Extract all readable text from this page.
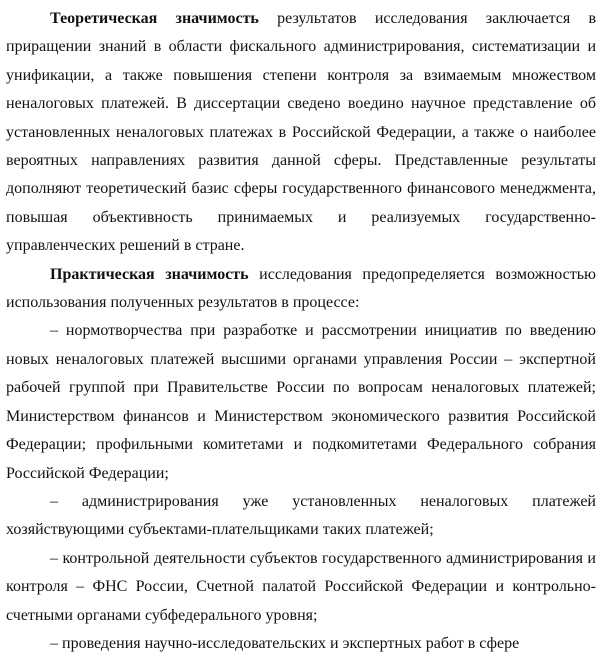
Теоретическая значимость результатов исследования заключается в приращении знаний в области фискального администрирования, систематизации и унификации, а также повышения степени контроля за взимаемым множеством неналоговых платежей. В диссертации сведено воедино научное представление об установленных неналоговых платежах в Российской Федерации, а также о наиболее вероятных направлениях развития данной сферы. Представленные результаты дополняют теоретический базис сферы государственного финансового менеджмента, повышая объективность принимаемых и реализуемых государственно-управленческих решений в стране.

Практическая значимость исследования предопределяется возможностью использования полученных результатов в процессе:

– нормотворчества при разработке и рассмотрении инициатив по введению новых неналоговых платежей высшими органами управления России – экспертной рабочей группой при Правительстве России по вопросам неналоговых платежей; Министерством финансов и Министерством экономического развития Российской Федерации; профильными комитетами и подкомитетами Федерального собрания Российской Федерации;

– администрирования уже установленных неналоговых платежей хозяйствующими субъектами-плательщиками таких платежей;

– контрольной деятельности субъектов государственного администрирования и контроля – ФНС России, Счетной палатой Российской Федерации и контрольно-счетными органами субфедерального уровня;

– проведения научно-исследовательских и экспертных работ в сфере
